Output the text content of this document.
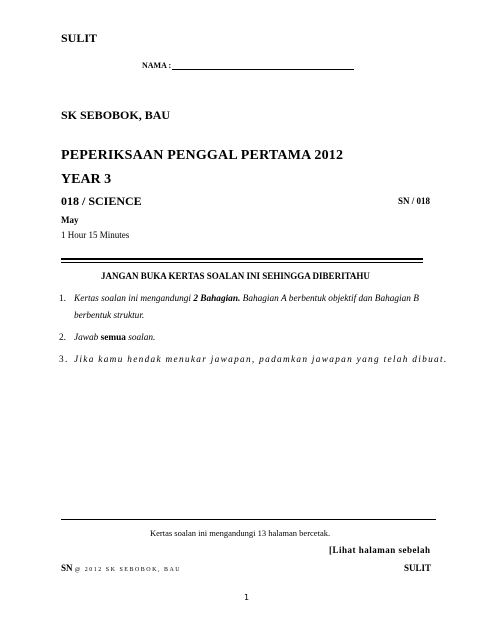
SULIT
NAMA :
SK SEBOBOK, BAU
PEPERIKSAAN PENGGAL PERTAMA 2012
YEAR 3
018 / SCIENCE	SN / 018
May
1 Hour 15 Minutes
JANGAN BUKA KERTAS SOALAN INI SEHINGGA DIBERITAHU
1. Kertas soalan ini mengandungi 2 Bahagian. Bahagian A berbentuk objektif dan Bahagian B
berbentuk struktur.
2. Jawab semua soalan.
3. Jika kamu hendak menukar jawapan, padamkan jawapan yang telah dibuat.
Kertas soalan ini mengandungi 13 halaman bercetak.
[Lihat halaman sebelah
SN @ 2012 SK SEBOBOK, BAU	SULIT
1
